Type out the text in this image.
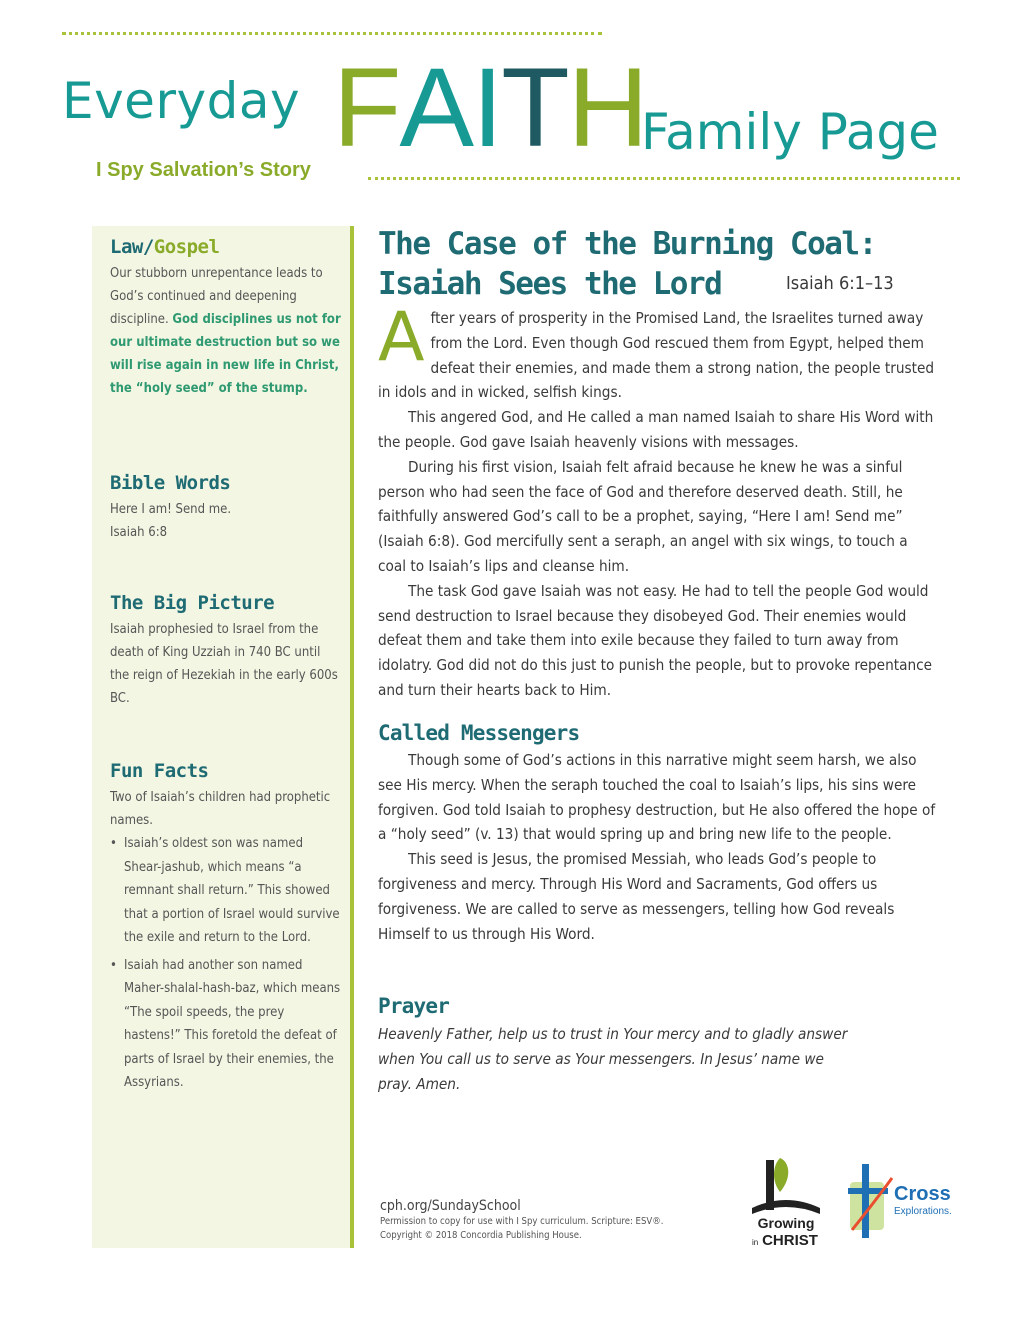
Everyday FAITH
Family Page
I Spy Salvation’s Story
Law/Gospel

Our stubborn unrepentance leads to God’s continued and deepening discipline. God disciplines us not for our ultimate destruction but so we will rise again in new life in Christ, the “holy seed” of the stump.

Bible Words

Here I am! Send me.

Isaiah 6:8

The Big Picture

Isaiah prophesied to Israel from the death of King Uzziah in 740 BC until the reign of Hezekiah in the early 600s BC.

Fun Facts

Two of Isaiah’s children had prophetic names.

• Isaiah’s oldest son was named Shear-jashub, which means “a remnant shall return.” This showed that a portion of Israel would survive the exile and return to the Lord.
• Isaiah had another son named Maher-shalal-hash-baz, which means “The spoil speeds, the prey hastens!” This foretold the defeat of parts of Israel by their enemies, the Assyrians.
The Case of the Burning Coal:
Isaiah Sees the Lord	Isaiah 6:1–13

After years of prosperity in the Promised Land, the Israelites turned away from the Lord. Even though God rescued them from Egypt, helped them defeat their enemies, and made them a strong nation, the people trusted in idols and in wicked, selfish kings.

This angered God, and He called a man named Isaiah to share His Word with the people. God gave Isaiah heavenly visions with messages.

During his first vision, Isaiah felt afraid because he knew he was a sinful person who had seen the face of God and therefore deserved death. Still, he faithfully answered God’s call to be a prophet, saying, “Here I am! Send me” (Isaiah 6:8). God mercifully sent a seraph, an angel with six wings, to touch a coal to Isaiah’s lips and cleanse him.

The task God gave Isaiah was not easy. He had to tell the people God would send destruction to Israel because they disobeyed God. Their enemies would defeat them and take them into exile because they failed to turn away from idolatry. God did not do this just to punish the people, but to provoke repentance and turn their hearts back to Him.

Called Messengers

Though some of God’s actions in this narrative might seem harsh, we also see His mercy. When the seraph touched the coal to Isaiah’s lips, his sins were forgiven. God told Isaiah to prophesy destruction, but He also offered the hope of a “holy seed” (v. 13) that would spring up and bring new life to the people.

This seed is Jesus, the promised Messiah, who leads God’s people to forgiveness and mercy. Through His Word and Sacraments, God offers us forgiveness. We are called to serve as messengers, telling how God reveals Himself to us through His Word.

Prayer

Heavenly Father, help us to trust in Your mercy and to gladly answer when You call us to serve as Your messengers. In Jesus’ name we pray. Amen.

cph.org/SundaySchool
Permission to copy for use with I Spy curriculum. Scripture: ESV®.
Copyright © 2018 Concordia Publishing House.
Growing
in CHRIST
Cross
Explorations.
